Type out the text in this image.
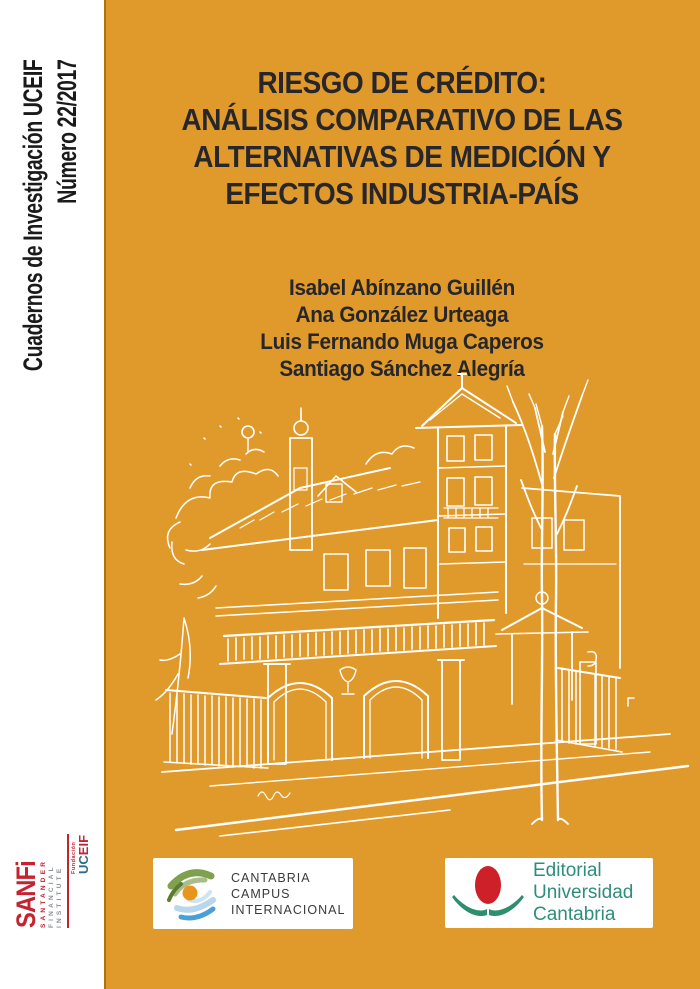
Cuadernos de Investigación UCEIF Número 22/2017	RIESGO DE CRÉDITO:
ANÁLISIS COMPARATIVO DE LAS
ALTERNATIVAS DE MEDICIÓN Y
EFECTOS INDUSTRIA-PAÍS
Isabel Abínzano Guillén
Ana González Urteaga
Luis Fernando Muga Caperos
Santiago Sánchez Alegría
SANFi SANTANDER FINANCIAL INSTITUTE
Fundación UCEIF
CANTABRIA
CAMPUS
INTERNACIONAL
Editorial
Universidad
Cantabria
